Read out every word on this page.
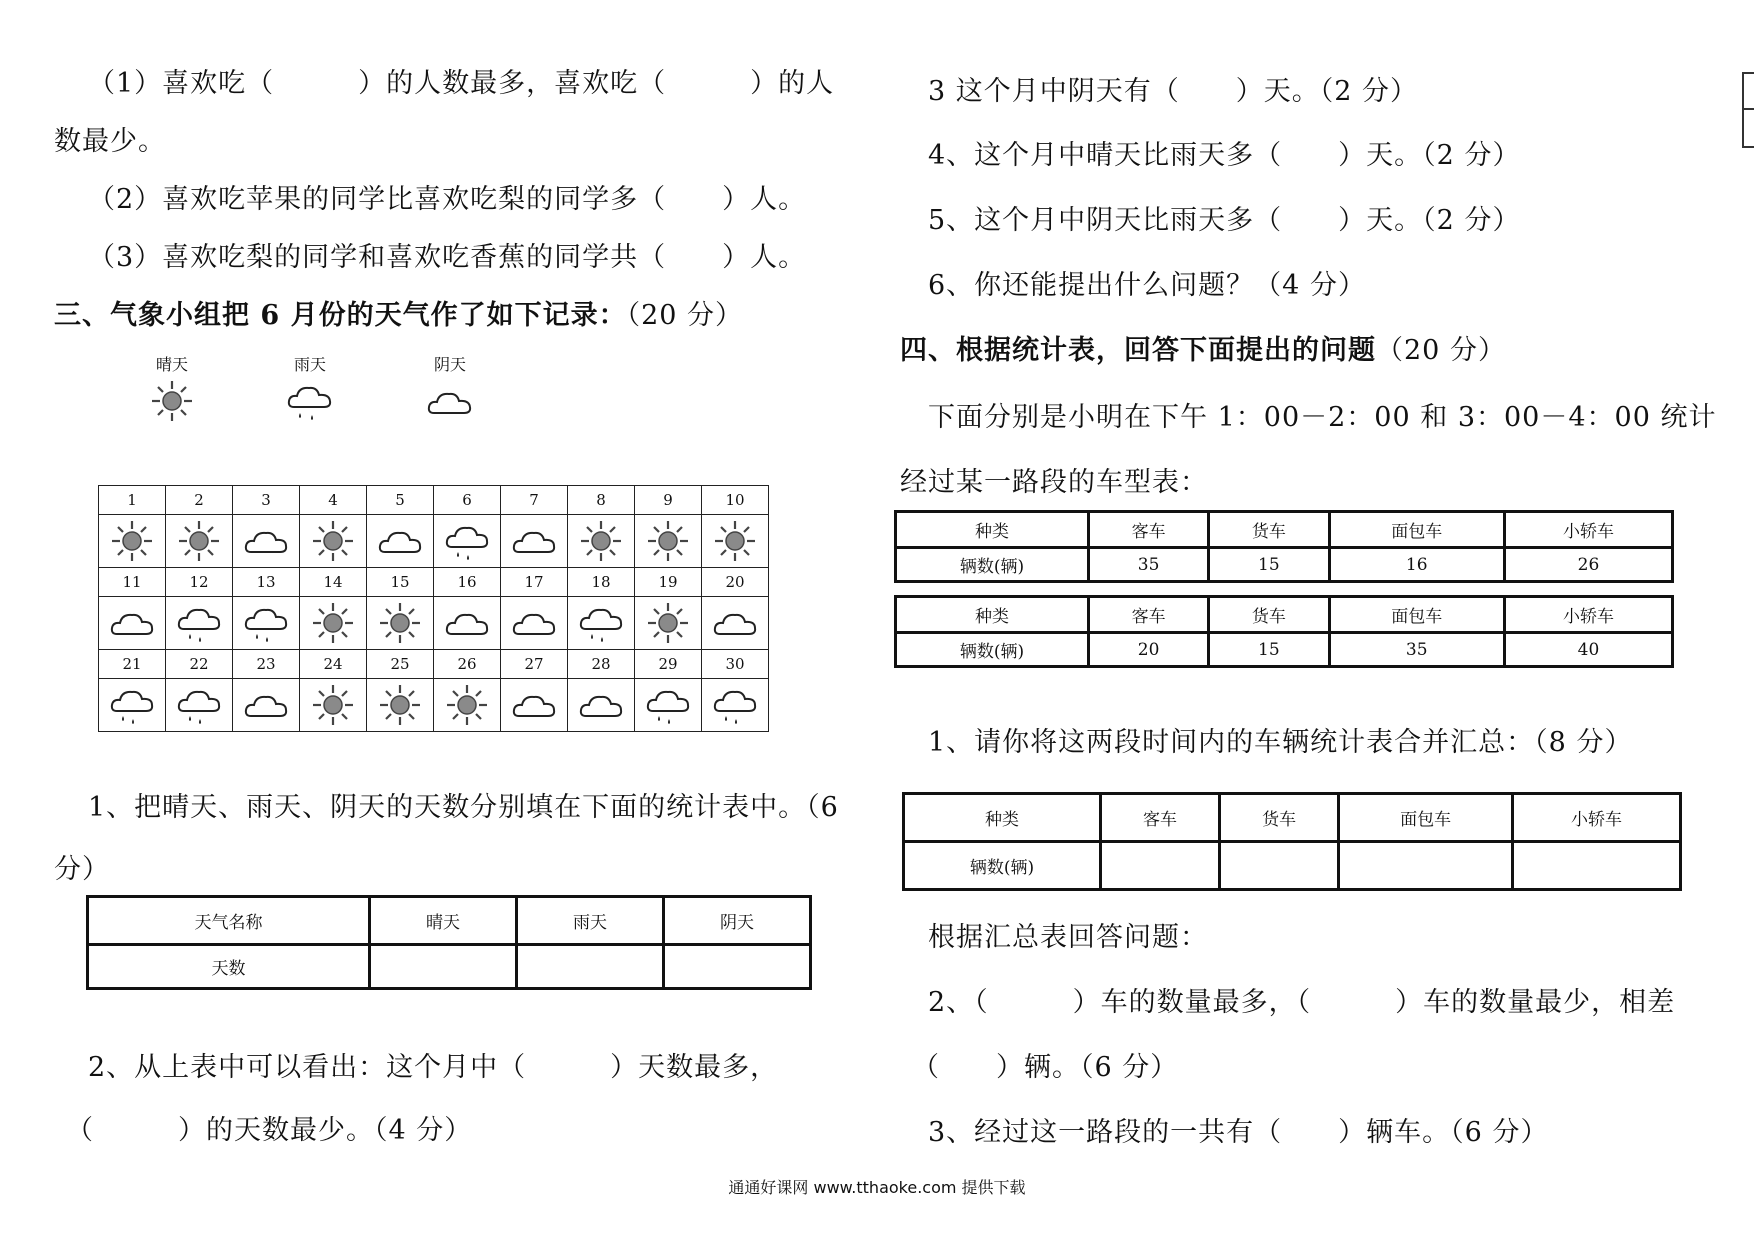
（1）喜欢吃（　　　）的人数最多，喜欢吃（　　　）的人
数最少。
（2）喜欢吃苹果的同学比喜欢吃梨的同学多（　　）人。
（3）喜欢吃梨的同学和喜欢吃香蕉的同学共（　　）人。
三、气象小组把 6 月份的天气作了如下记录：（20 分）
晴天	雨天	阴天
1	2	3	4	5	6	7	8	9	10

11	12	13	14	15	16	17	18	19	20

21	22	23	24	25	26	27	28	29	30

1、把晴天、雨天、阴天的天数分别填在下面的统计表中。（6
分）
天气名称	晴天	雨天	阴天
天数			
2、从上表中可以看出：这个月中（　　　）天数最多，
（　　　）的天数最少。（4 分）
3 这个月中阴天有（　　）天。（2 分）
4、这个月中晴天比雨天多（　　）天。（2 分）
5、这个月中阴天比雨天多（　　）天。（2 分）
6、你还能提出什么问题？（4 分）
四、根据统计表，回答下面提出的问题（20 分）
下面分别是小明在下午 1：00－2：00 和 3：00－4：00 统计
经过某一路段的车型表：
种类	客车	货车	面包车	小轿车
辆数(辆)	35	15	16	26
种类	客车	货车	面包车	小轿车
辆数(辆)	20	15	35	40
1、请你将这两段时间内的车辆统计表合并汇总：（8 分）
种类	客车	货车	面包车	小轿车
辆数(辆)				
根据汇总表回答问题：
2、（　　　）车的数量最多，（　　　）车的数量最少，相差
（　　）辆。（6 分）
3、经过这一路段的一共有（　　）辆车。（6 分）
通通好课网 www.tthaoke.com 提供下载
